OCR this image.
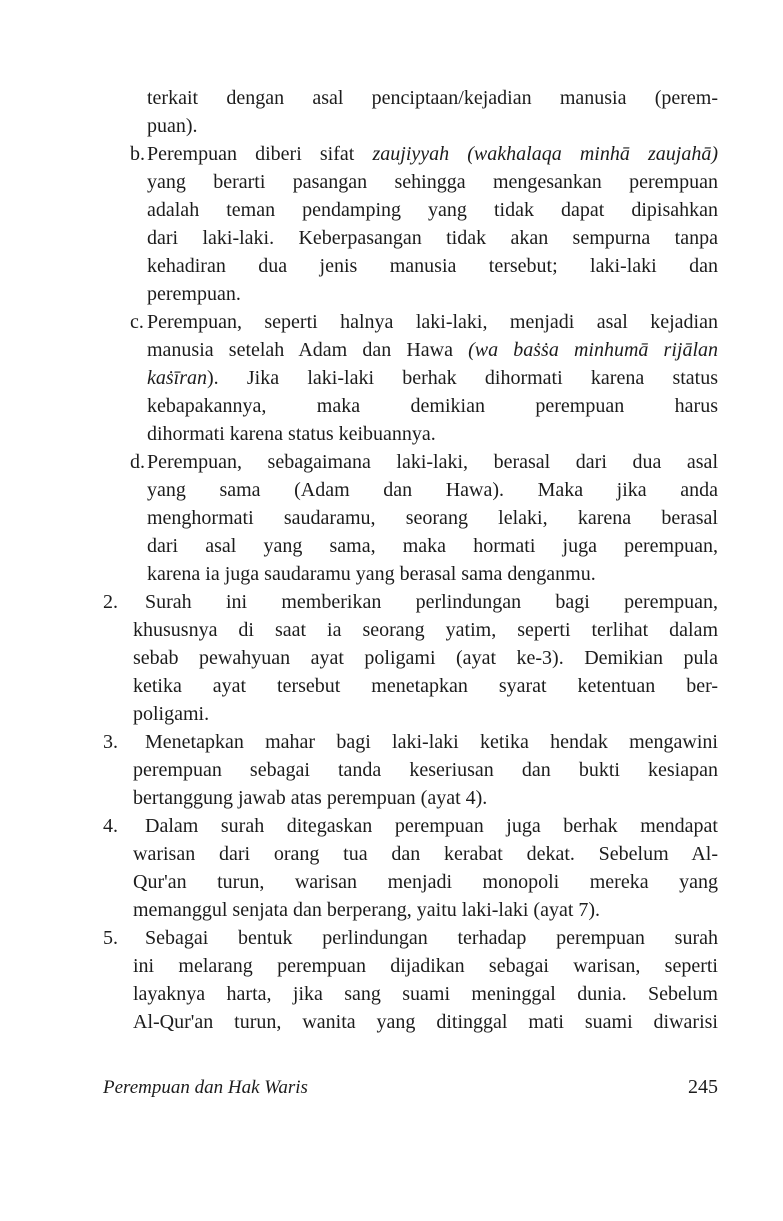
terkait dengan asal penciptaan/kejadian manusia (perem-
puan).
b. Perempuan diberi sifat zaujiyyah (wakhalaqa minhā zaujahā)
yang berarti pasangan sehingga mengesankan perempuan
adalah teman pendamping yang tidak dapat dipisahkan
dari laki-laki. Keberpasangan tidak akan sempurna tanpa
kehadiran dua jenis manusia tersebut; laki-laki dan
perempuan.
c. Perempuan, seperti halnya laki-laki, menjadi asal kejadian
manusia setelah Adam dan Hawa (wa baṡṡa minhumā rijālan
kaṡīran). Jika laki-laki berhak dihormati karena status
kebapakannya, maka demikian perempuan harus
dihormati karena status keibuannya.
d. Perempuan, sebagaimana laki-laki, berasal dari dua asal
yang sama (Adam dan Hawa). Maka jika anda
menghormati saudaramu, seorang lelaki, karena berasal
dari asal yang sama, maka hormati juga perempuan,
karena ia juga saudaramu yang berasal sama denganmu.
2. Surah ini memberikan perlindungan bagi perempuan,
khususnya di saat ia seorang yatim, seperti terlihat dalam
sebab pewahyuan ayat poligami (ayat ke-3). Demikian pula
ketika ayat tersebut menetapkan syarat ketentuan ber-
poligami.
3. Menetapkan mahar bagi laki-laki ketika hendak mengawini
perempuan sebagai tanda keseriusan dan bukti kesiapan
bertanggung jawab atas perempuan (ayat 4).
4. Dalam surah ditegaskan perempuan juga berhak mendapat
warisan dari orang tua dan kerabat dekat. Sebelum Al-
Qur'an turun, warisan menjadi monopoli mereka yang
memanggul senjata dan berperang, yaitu laki-laki (ayat 7).
5. Sebagai bentuk perlindungan terhadap perempuan surah
ini melarang perempuan dijadikan sebagai warisan, seperti
layaknya harta, jika sang suami meninggal dunia. Sebelum
Al-Qur'an turun, wanita yang ditinggal mati suami diwarisi
Perempuan dan Hak Waris	245
